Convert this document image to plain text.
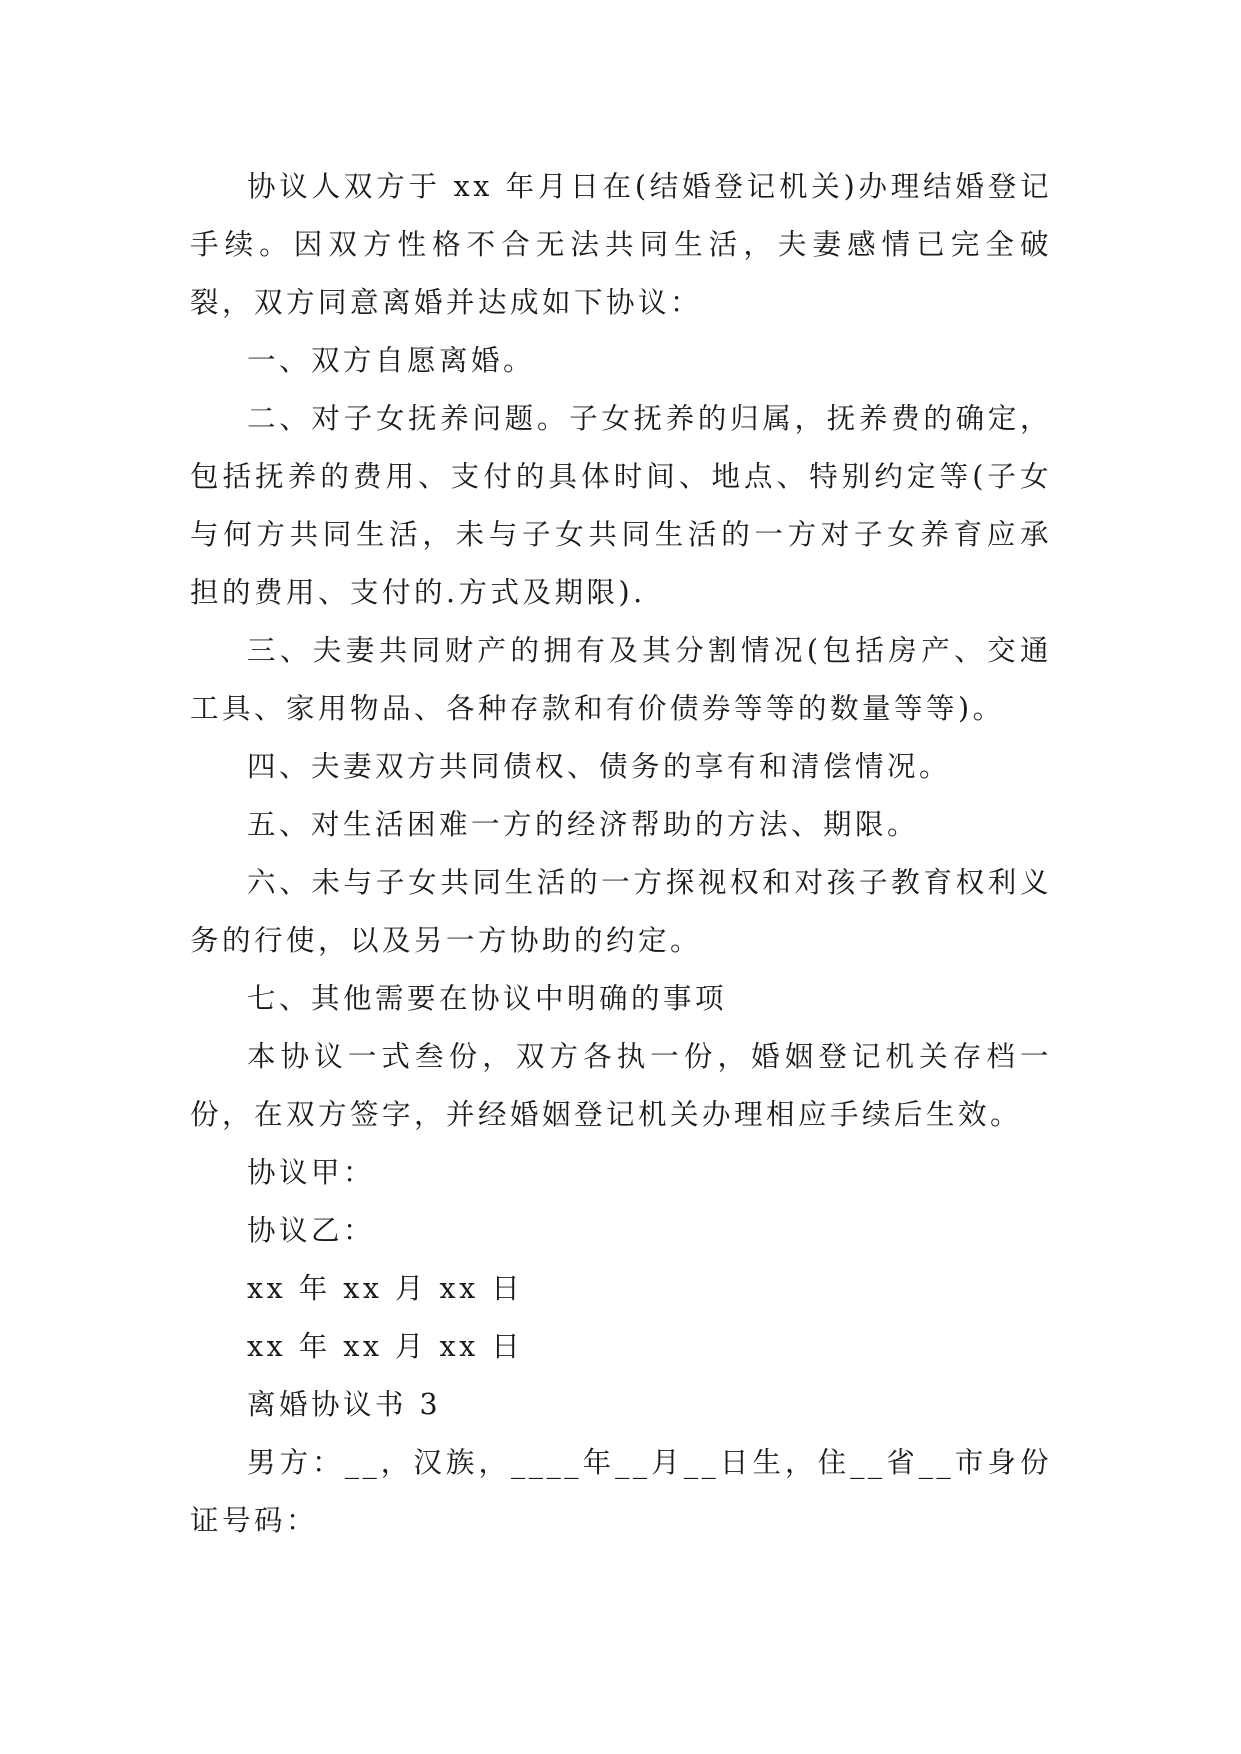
协议人双方于 xx 年月日在(结婚登记机关)办理结婚登记手续。因双方性格不合无法共同生活，夫妻感情已完全破裂，双方同意离婚并达成如下协议：

一、双方自愿离婚。

二、对子女抚养问题。子女抚养的归属，抚养费的确定，包括抚养的费用、支付的具体时间、地点、特别约定等(子女与何方共同生活，未与子女共同生活的一方对子女养育应承担的费用、支付的.方式及期限).

三、夫妻共同财产的拥有及其分割情况(包括房产、交通工具、家用物品、各种存款和有价债券等等的数量等等)。

四、夫妻双方共同债权、债务的享有和清偿情况。

五、对生活困难一方的经济帮助的方法、期限。

六、未与子女共同生活的一方探视权和对孩子教育权利义务的行使，以及另一方协助的约定。

七、其他需要在协议中明确的事项

本协议一式叁份，双方各执一份，婚姻登记机关存档一份，在双方签字，并经婚姻登记机关办理相应手续后生效。

协议甲：

协议乙：

xx 年 xx 月 xx 日

xx 年 xx 月 xx 日

离婚协议书 3

男方：__，汉族，____年__月__日生，住__省__市身份证号码：
